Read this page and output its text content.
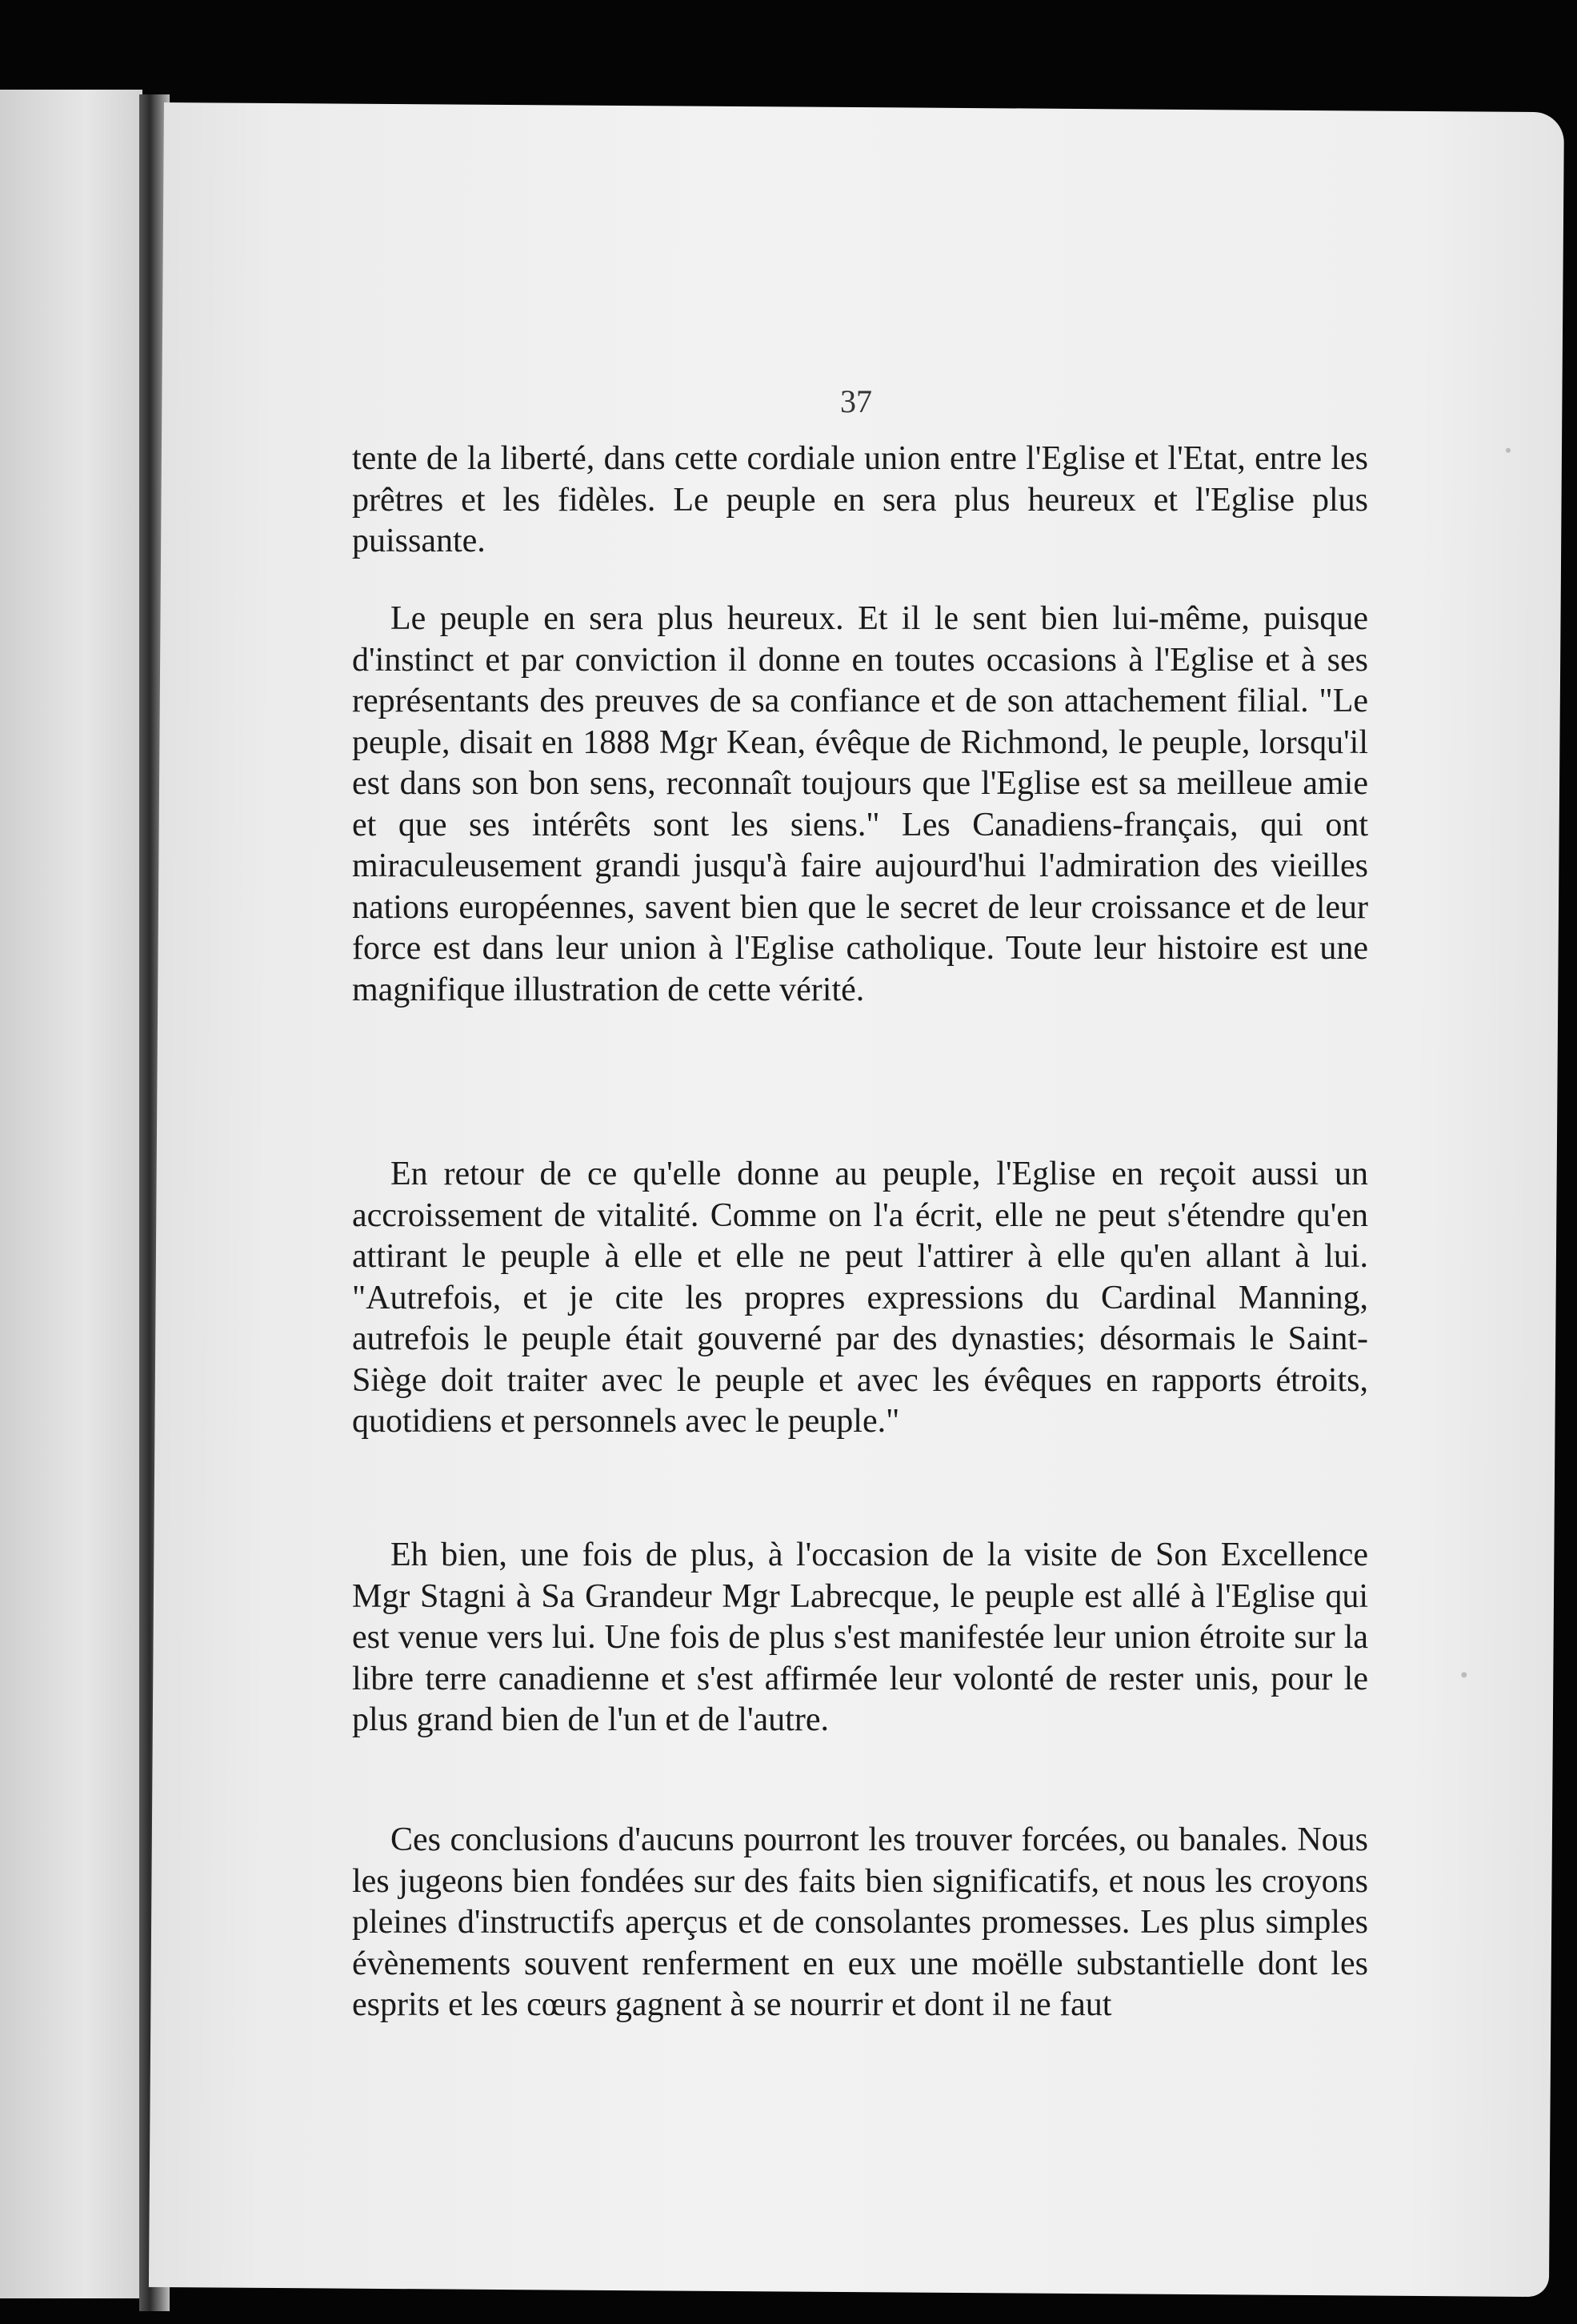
37

tente de la liberté, dans cette cordiale union entre l'Eglise et l'Etat, entre les prêtres et les fidèles. Le peuple en sera plus heureux et l'Eglise plus puissante.

Le peuple en sera plus heureux. Et il le sent bien lui-même, puisque d'instinct et par conviction il donne en toutes occasions à l'Eglise et à ses représentants des preuves de sa confiance et de son attachement filial. "Le peuple, disait en 1888 Mgr Kean, évêque de Richmond, le peuple, lorsqu'il est dans son bon sens, reconnaît toujours que l'Eglise est sa meilleue amie et que ses intérêts sont les siens." Les Canadiens-français, qui ont miraculeusement grandi jusqu'à faire aujourd'hui l'admiration des vieilles nations européennes, savent bien que le secret de leur croissance et de leur force est dans leur union à l'Eglise catholique. Toute leur histoire est une magnifique illustration de cette vérité.

En retour de ce qu'elle donne au peuple, l'Eglise en reçoit aussi un accroissement de vitalité. Comme on l'a écrit, elle ne peut s'étendre qu'en attirant le peuple à elle et elle ne peut l'attirer à elle qu'en allant à lui. "Autrefois, et je cite les propres expressions du Cardinal Manning, autrefois le peuple était gouverné par des dynasties; désormais le Saint-Siège doit traiter avec le peuple et avec les évêques en rapports étroits, quotidiens et personnels avec le peuple."

Eh bien, une fois de plus, à l'occasion de la visite de Son Excellence Mgr Stagni à Sa Grandeur Mgr Labrecque, le peuple est allé à l'Eglise qui est venue vers lui. Une fois de plus s'est manifestée leur union étroite sur la libre terre canadienne et s'est affirmée leur volonté de rester unis, pour le plus grand bien de l'un et de l'autre.

Ces conclusions d'aucuns pourront les trouver forcées, ou banales. Nous les jugeons bien fondées sur des faits bien significatifs, et nous les croyons pleines d'instructifs aperçus et de consolantes promesses. Les plus simples évènements souvent renferment en eux une moëlle substantielle dont les esprits et les cœurs gagnent à se nourrir et dont il ne faut
